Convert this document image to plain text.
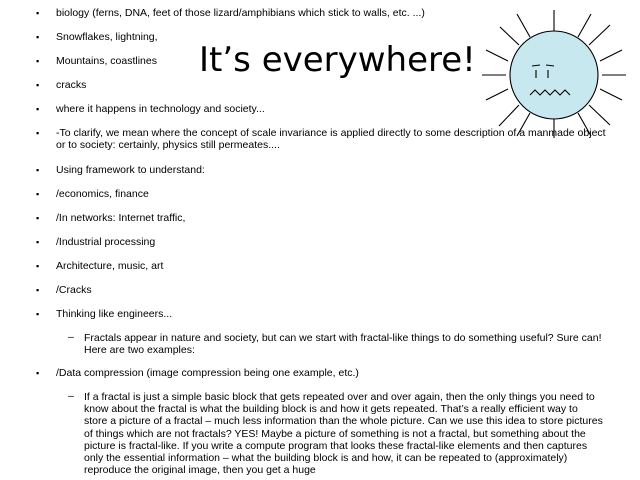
▪ biology (ferns, DNA, feet of those lizard/amphibians which stick to walls, etc. ...)
▪ Snowflakes, lightning,
▪ Mountains, coastlines
▪ cracks
▪ where it happens in technology and society...
▪ -To clarify, we mean where the concept of scale invariance is applied directly to some description of a manmade object or to society: certainly, physics still permeates....
▪ Using framework to understand:
▪ /economics, finance
▪ /In networks: Internet traffic,
▪ /Industrial processing
▪ Architecture, music, art
▪ /Cracks
▪ Thinking like engineers...
– Fractals appear in nature and society, but can we start with fractal-like things to do something useful? Sure can! Here are two examples:
▪ /Data compression (image compression being one example, etc.)
– If a fractal is just a simple basic block that gets repeated over and over again, then the only things you need to know about the fractal is what the building block is and how it gets repeated. That’s a really efficient way to store a picture of a fractal – much less information than the whole picture. Can we use this idea to store pictures of things which are not fractals? YES! Maybe a picture of something is not a fractal, but something about the picture is fractal-like. If you write a compute program that looks these fractal-like elements and then captures only the essential information – what the building block is and how, it can be repeated to (approximately) reproduce the original image, then you get a huge
It’s everywhere!
